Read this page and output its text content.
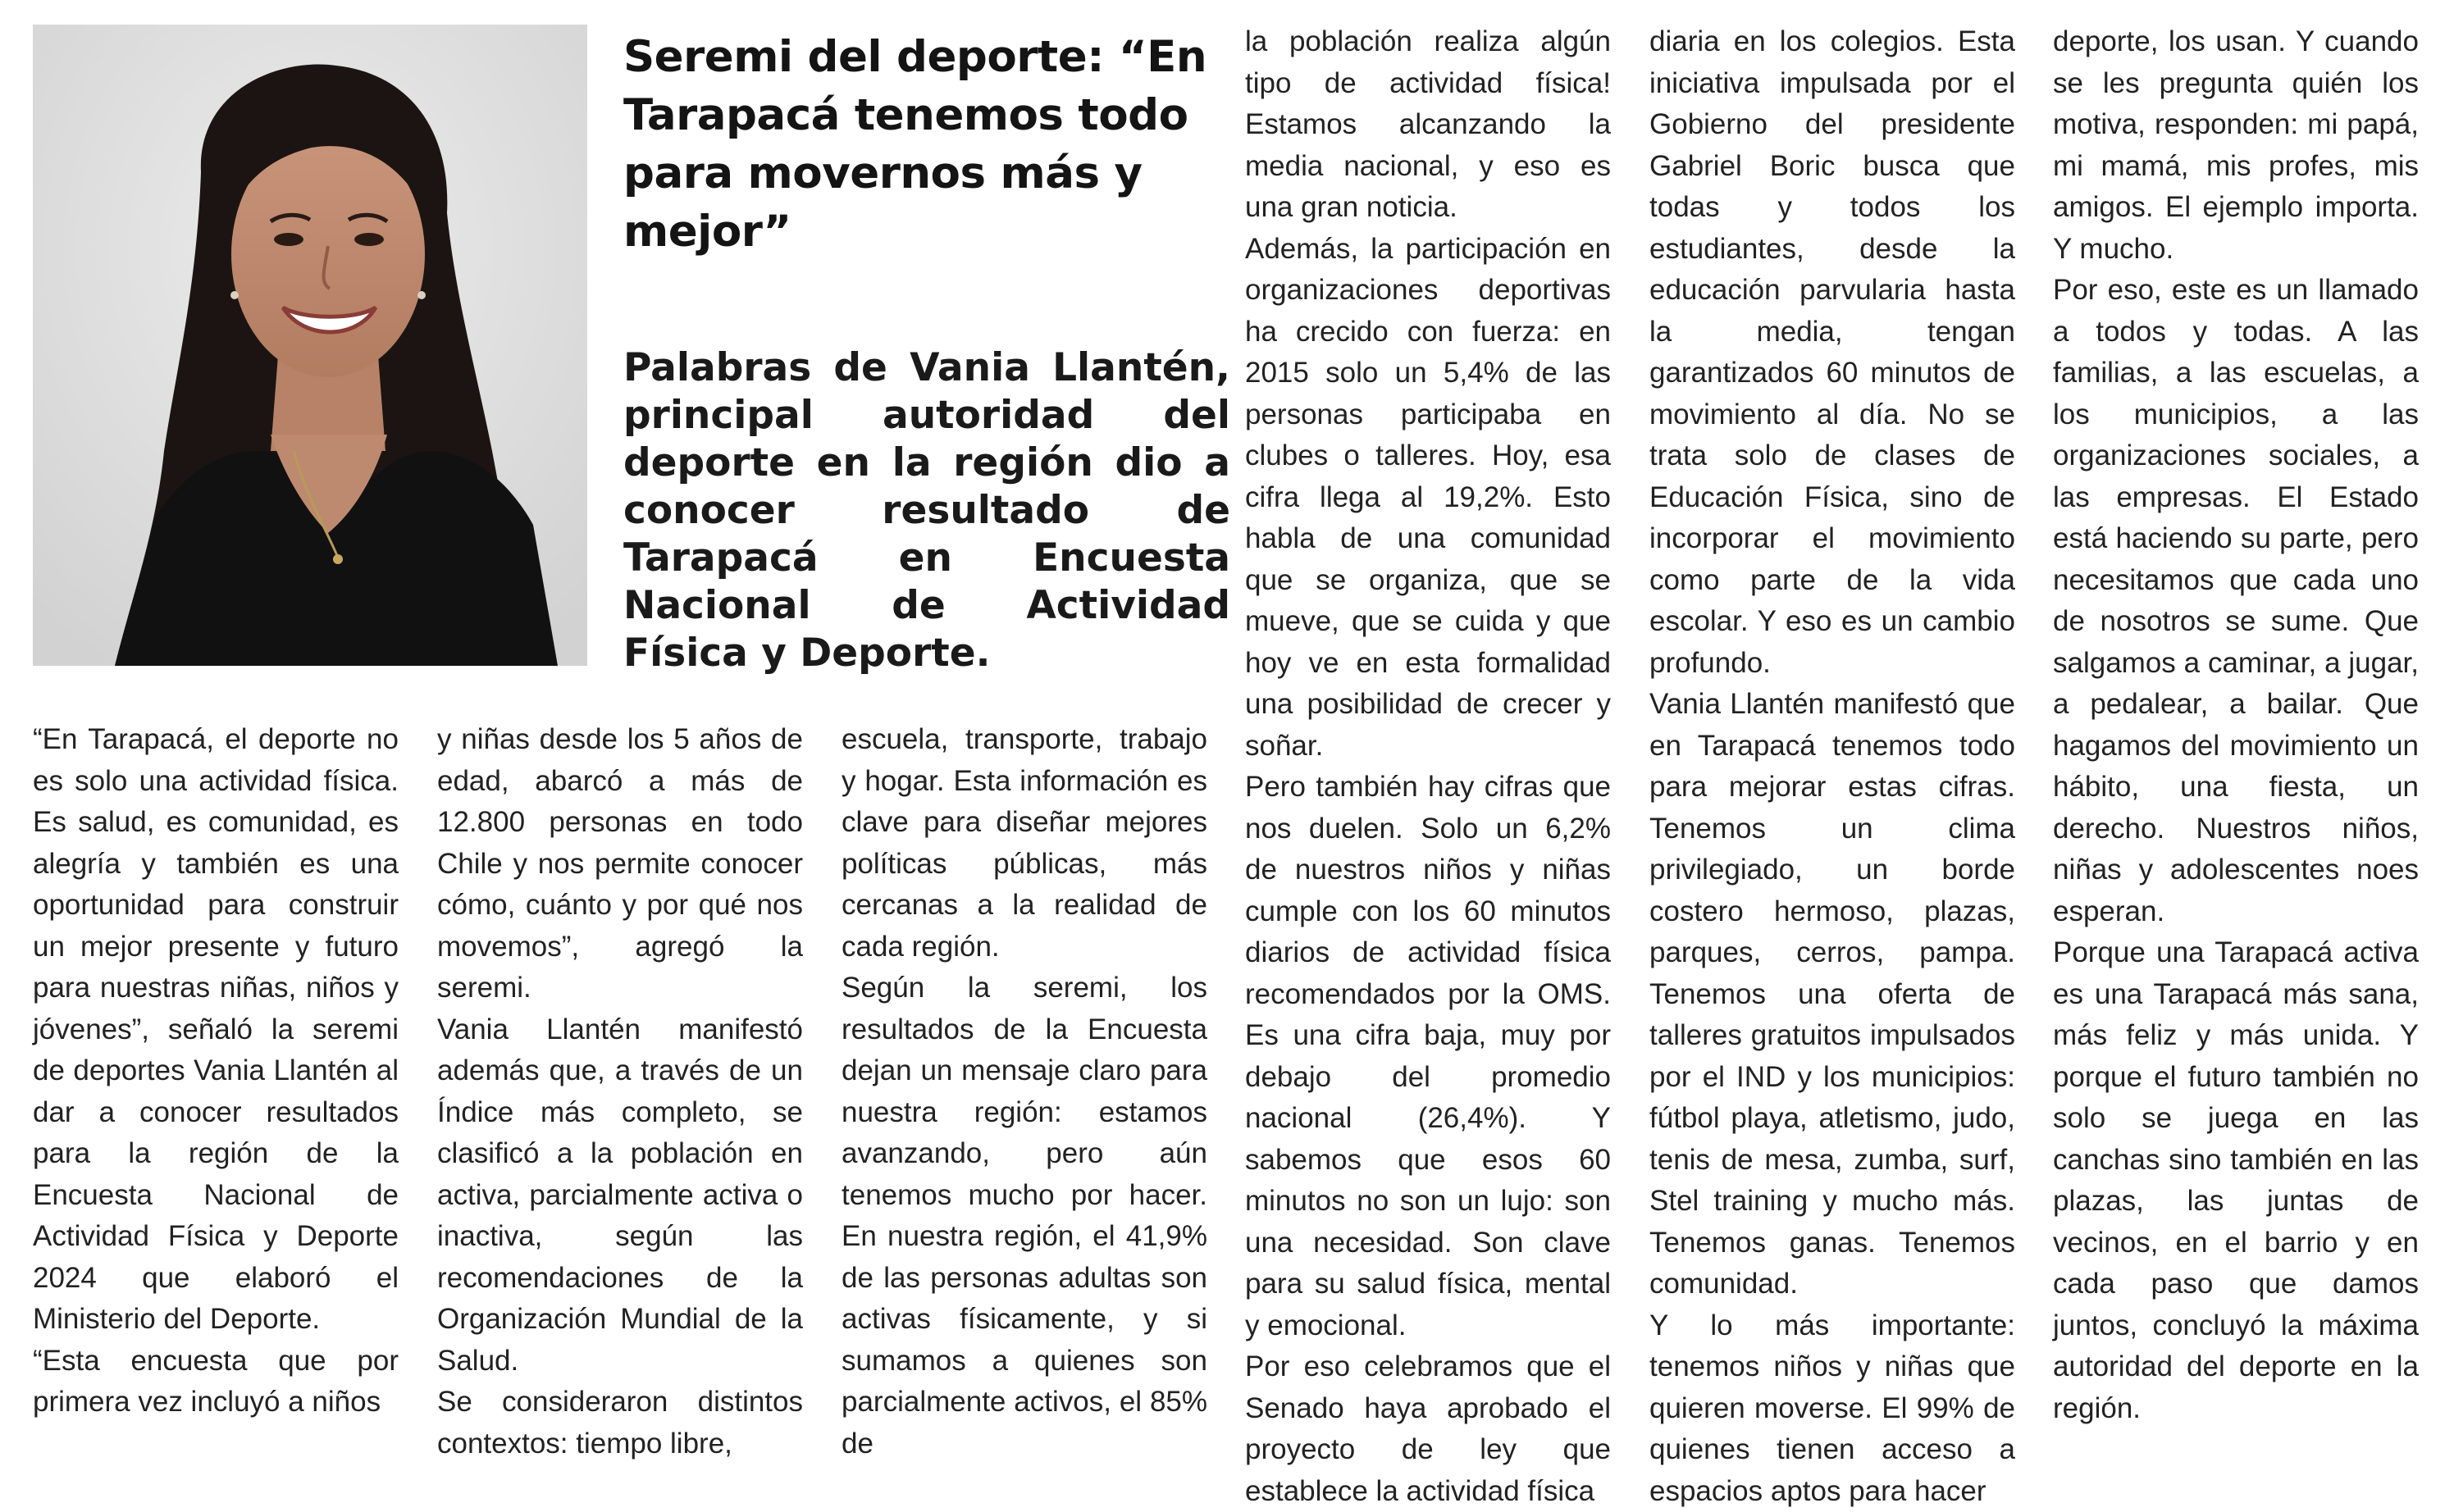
Seremi del deporte: “En Tarapacá tenemos todo para movernos más y mejor”
Palabras de Vania Llantén, principal autoridad del deporte en la región dio a conocer resultado de Tarapacá en Encuesta Nacional de Actividad Física y Deporte.

“En Tarapacá, el deporte no es solo una actividad física. Es salud, es comunidad, es alegría y también es una oportunidad para construir un mejor presente y futuro para nuestras niñas, niños y jóvenes”, señaló la seremi de deportes Vania Llantén al dar a conocer resultados para la región de la Encuesta Nacional de Actividad Física y Deporte 2024 que elaboró el Ministerio del Deporte.

“Esta encuesta que por primera vez incluyó a niños

y niñas desde los 5 años de edad, abarcó a más de 12.800 personas en todo Chile y nos permite conocer cómo, cuánto y por qué nos movemos”, agregó la seremi.

Vania Llantén manifestó además que, a través de un Índice más completo, se clasificó a la población en activa, parcialmente activa o inactiva, según las recomendaciones de la Organización Mundial de la Salud.

Se consideraron distintos contextos: tiempo libre,

escuela, transporte, trabajo y hogar. Esta información es clave para diseñar mejores políticas públicas, más cercanas a la realidad de cada región.

Según la seremi, los resultados de la Encuesta dejan un mensaje claro para nuestra región: estamos avanzando, pero aún tenemos mucho por hacer. En nuestra región, el 41,9% de las personas adultas son activas físicamente, y si sumamos a quienes son parcialmente activos, el 85% de

la población realiza algún tipo de actividad física! Estamos alcanzando la media nacional, y eso es una gran noticia.

Además, la participación en organizaciones deportivas ha crecido con fuerza: en 2015 solo un 5,4% de las personas participaba en clubes o talleres. Hoy, esa cifra llega al 19,2%. Esto habla de una comunidad que se organiza, que se mueve, que se cuida y que hoy ve en esta formalidad una posibilidad de crecer y soñar.

Pero también hay cifras que nos duelen. Solo un 6,2% de nuestros niños y niñas cumple con los 60 minutos diarios de actividad física recomendados por la OMS. Es una cifra baja, muy por debajo del promedio nacional (26,4%). Y sabemos que esos 60 minutos no son un lujo: son una necesidad. Son clave para su salud física, mental y emocional.

Por eso celebramos que el Senado haya aprobado el proyecto de ley que establece la actividad física

diaria en los colegios. Esta iniciativa impulsada por el Gobierno del presidente Gabriel Boric busca que todas y todos los estudiantes, desde la educación parvularia hasta la media, tengan garantizados 60 minutos de movimiento al día. No se trata solo de clases de Educación Física, sino de incorporar el movimiento como parte de la vida escolar. Y eso es un cambio profundo.

Vania Llantén manifestó que en Tarapacá tenemos todo para mejorar estas cifras. Tenemos un clima privilegiado, un borde costero hermoso, plazas, parques, cerros, pampa. Tenemos una oferta de talleres gratuitos impulsados por el IND y los municipios: fútbol playa, atletismo, judo, tenis de mesa, zumba, surf, Stel training y mucho más. Tenemos ganas. Tenemos comunidad.

Y lo más importante: tenemos niños y niñas que quieren moverse. El 99% de quienes tienen acceso a espacios aptos para hacer

deporte, los usan. Y cuando se les pregunta quién los motiva, responden: mi papá, mi mamá, mis profes, mis amigos. El ejemplo importa. Y mucho.

Por eso, este es un llamado a todos y todas. A las familias, a las escuelas, a los municipios, a las organizaciones sociales, a las empresas. El Estado está haciendo su parte, pero necesitamos que cada uno de nosotros se sume. Que salgamos a caminar, a jugar, a pedalear, a bailar. Que hagamos del movimiento un hábito, una fiesta, un derecho. Nuestros niños, niñas y adolescentes noes esperan.

Porque una Tarapacá activa es una Tarapacá más sana, más feliz y más unida. Y porque el futuro también no solo se juega en las canchas sino también en las plazas, las juntas de vecinos, en el barrio y en cada paso que damos juntos, concluyó la máxima autoridad del deporte en la región.
